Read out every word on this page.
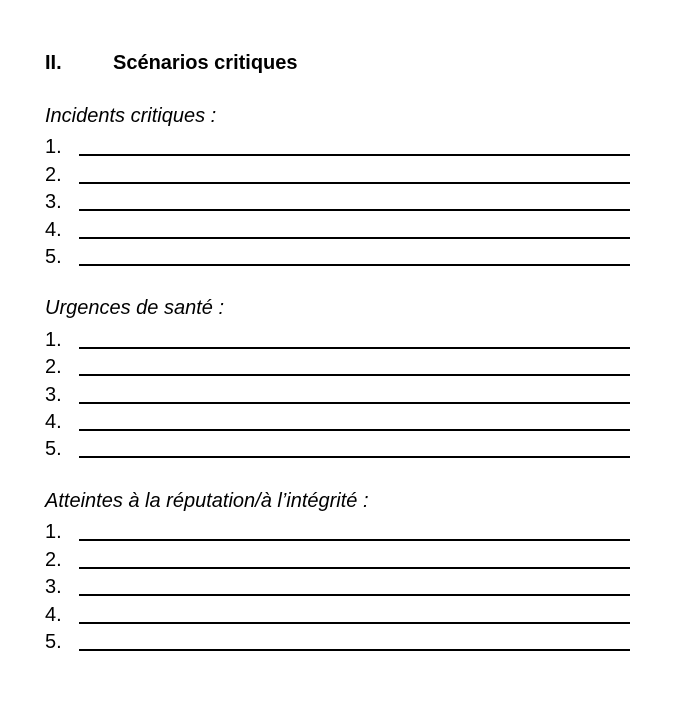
II.	Scénarios critiques
Incidents critiques :
1.
2.
3.
4.
5.
Urgences de santé :
1.
2.
3.
4.
5.
Atteintes à la réputation/à l’intégrité :
1.
2.
3.
4.
5.
